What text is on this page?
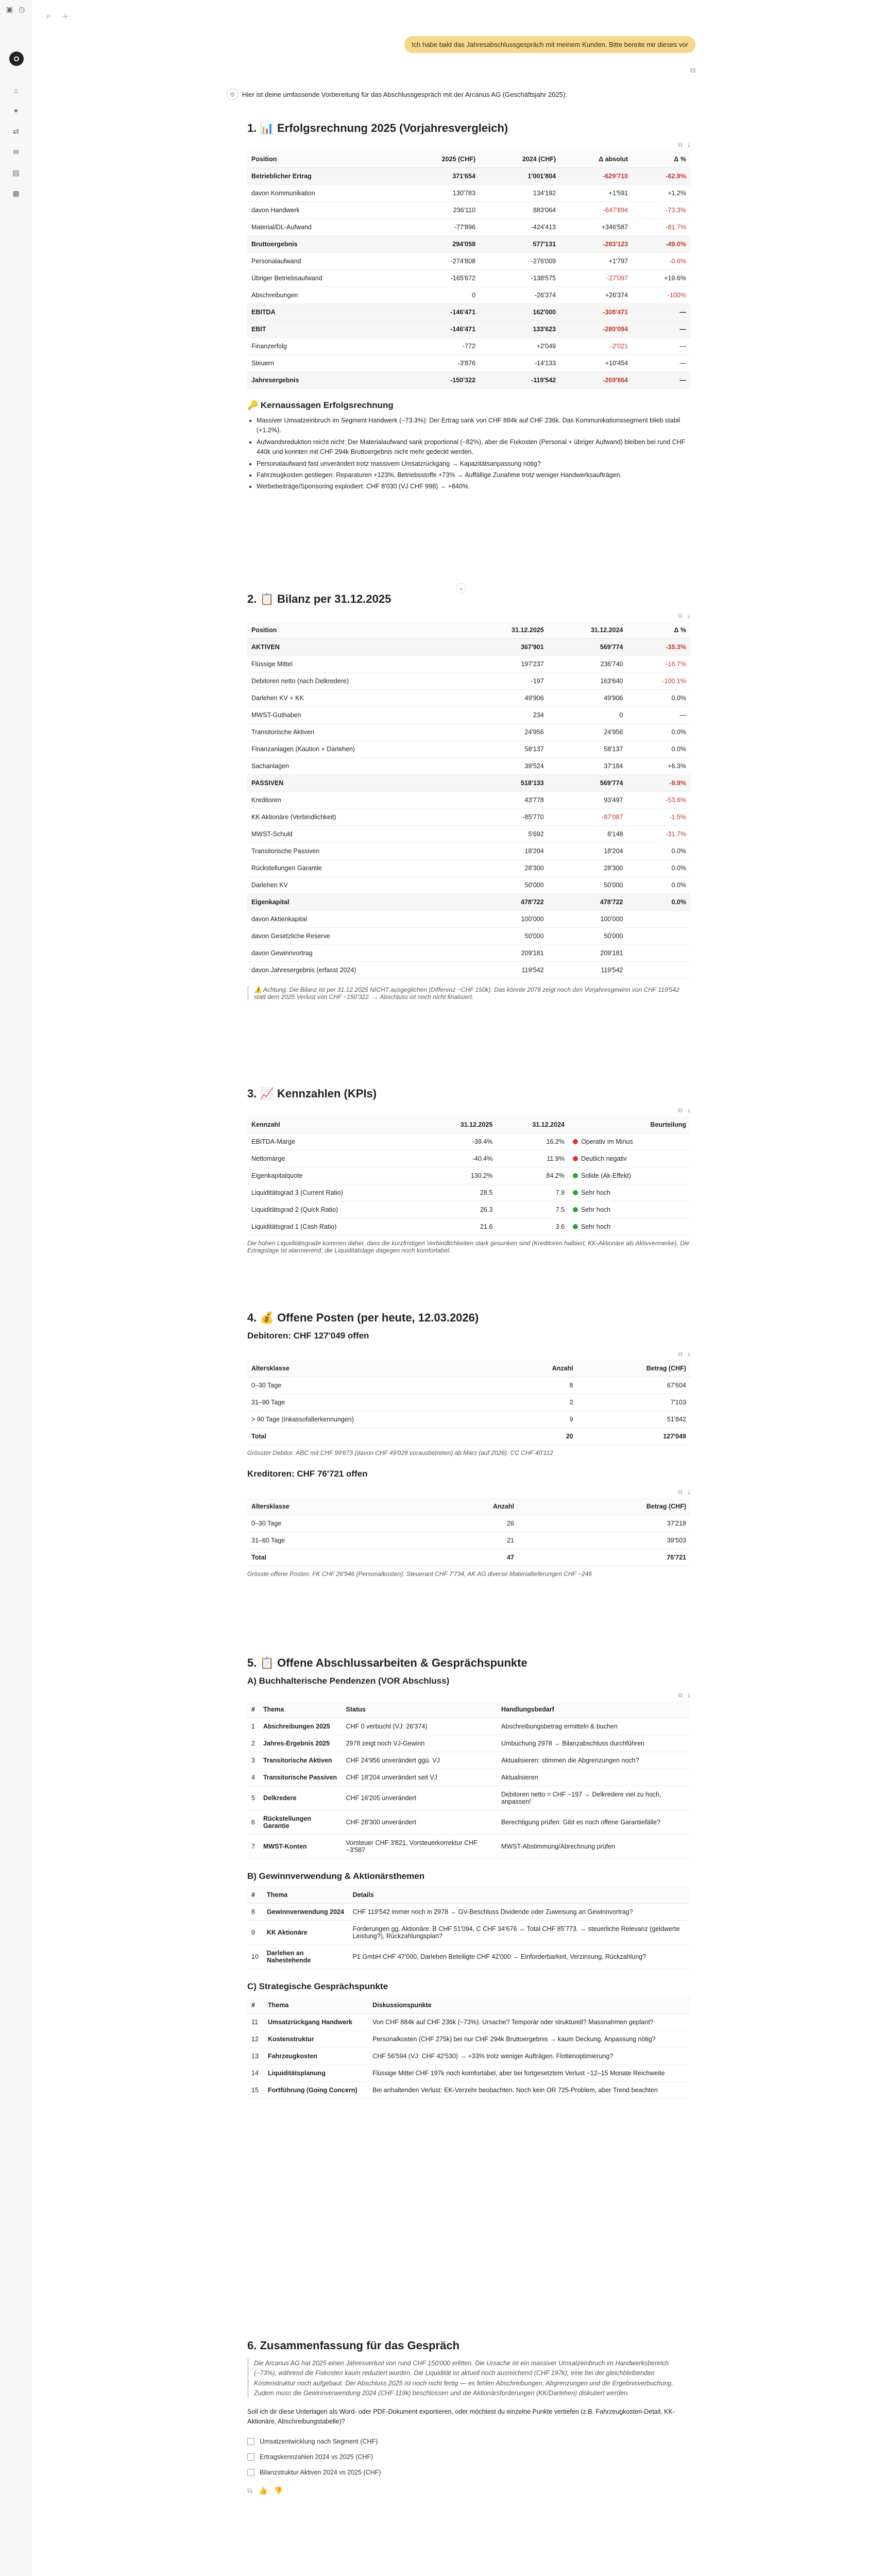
▣ ◷
O
⌂
✦
⇄
✉
▤
▦
＋
⌕
Ich habe bald das Jahresabschlussgespräch mit meinem Kunden. Bitte bereite mir dieses vor
⧉
◎	Hier ist deine umfassende Vorbereitung für das Abschlussgespräch mit der Arcanus AG (Geschäftsjahr 2025):
1. 📊 Erfolgsrechnung 2025 (Vorjahresvergleich)
⧉ ⤓
Position	2025 (CHF)	2024 (CHF)	Δ absolut	Δ %
Betrieblicher Ertrag	371'654	1'001'804	-629'710	-62.9%
davon Kommunikation	130'783	134'192	+1'591	+1.2%
davon Handwerk	236'110	883'064	-647'894	-73.3%
Material/DL-Aufwand	-77'896	-424'413	+346'587	-81.7%
Bruttoergebnis	294'058	577'131	-283'123	-49.0%
Personalaufwand	-274'808	-276'009	+1'797	-0.6%
Übriger Betriebsaufwand	-165'672	-138'575	-27'097	+19.6%
Abschreibungen	0	-26'374	+26'374	-100%
EBITDA	-146'471	162'000	-308'471	—
EBIT	-146'471	133'623	-280'094	—
Finanzerfolg	-772	+2'049	-2'021	—
Steuern	-3'876	-14'133	+10'454	—
Jahresergebnis	-150'322	-119'542	-269'864	—
🔑 Kernaussagen Erfolgsrechnung
• Massiver Umsatzeinbruch im Segment Handwerk (−73.3%): Der Ertrag sank von CHF 884k auf CHF 236k. Das Kommunikationssegment blieb stabil (+1.2%).
• Aufwandsreduktion reicht nicht: Der Materialaufwand sank proportional (−82%), aber die Fixkosten (Personal + übriger Aufwand) bleiben bei rund CHF 440k und konnten mit CHF 294k Bruttoergebnis nicht mehr gedeckt werden.
• Personalaufwand fast unverändert trotz massivem Umsatzrückgang → Kapazitätsanpassung nötig?
• Fahrzeugkosten gestiegen: Reparaturen +123%, Betriebsstoffe +73% → Auffällige Zunahme trotz weniger Handwerksaufträgen.
• Werbebeiträge/Sponsoring explodiert: CHF 8'030 (VJ CHF 998) → +840%.
⌄
2. 📋 Bilanz per 31.12.2025
⧉ ⤓
Position	31.12.2025	31.12.2024	Δ %
AKTIVEN	367'901	569'774	-35.3%
Flüssige Mittel	197'237	236'740	-16.7%
Debitoren netto (nach Delkredere)	-197	163'640	-100.1%
Darlehen KV + KK	49'906	49'906	0.0%
MWST-Guthaben	234	0	—
Transitorische Aktiven	24'956	24'956	0.0%
Finanzanlagen (Kaution + Darlehen)	58'137	58'137	0.0%
Sachanlagen	39'524	37'184	+6.3%
PASSIVEN	518'133	569'774	-9.9%
Kreditoren	43'778	93'497	-53.6%
KK Aktionäre (Verbindlichkeit)	-85'770	-87'087	-1.5%
MWST-Schuld	5'692	8'148	-31.7%
Transitorische Passiven	18'204	18'204	0.0%
Rückstellungen Garantie	28'300	28'300	0.0%
Darlehen KV	50'000	50'000	0.0%
Eigenkapital	478'722	478'722	0.0%
davon Aktienkapital	100'000	100'000	
davon Gesetzliche Reserve	50'000	50'000	
davon Gewinnvortrag	209'181	209'181	
davon Jahresergebnis (erfasst 2024)	119'542	119'542	
⚠️ Achtung: Die Bilanz ist per 31.12.2025 NICHT ausgeglichen (Differenz ~CHF 150k). Das könnte 2078 zeigt noch den Vorjahresgewinn von CHF 119'542 statt dem 2025 Verlust von CHF −150'322. → Abschluss ist noch nicht finalisiert.
3. 📈 Kennzahlen (KPIs)
⧉ ⤓
Kennzahl	31.12.2025	31.12.2024	Beurteilung
EBITDA-Marge	-39.4%	16.2%	Operativ im Minus
Nettomarge	-40.4%	11.9%	Deutlich negativ
Eigenkapitalquote	130.2%	84.2%	Solide (Ak-Effekt)
Liquiditätsgrad 3 (Current Ratio)	28.5	7.9	Sehr hoch
Liquiditätsgrad 2 (Quick Ratio)	26.3	7.5	Sehr hoch
Liquiditätsgrad 1 (Cash Ratio)	21.6	3.6	Sehr hoch
Die hohen Liquiditätsgrade kommen daher, dass die kurzfristigen Verbindlichkeiten stark gesunken sind (Kreditoren halbiert, KK-Aktionäre als Aktivvermerke). Die Ertragslage ist alarmierend, die Liquiditätslage dagegen noch komfortabel.
4. 💰 Offene Posten (per heute, 12.03.2026)
Debitoren: CHF 127'049 offen
⧉ ⤓
Altersklasse	Anzahl	Betrag (CHF)
0–30 Tage	8	67'604
31–90 Tage	2	7'103
> 90 Tage (Inkassofallerkennungen)	9	51'842
Total	20	127'049
Grösster Debitor: ABC mit CHF 99'673 (davon CHF 49'028 vorausbetreten) ab März (auf 2026). CC CHF 40'112
Kreditoren: CHF 76'721 offen
⧉ ⤓
Altersklasse	Anzahl	Betrag (CHF)
0–30 Tage	26	37'218
31–60 Tage	21	39'503
Total	47	76'721
Grösste offene Posten: FK CHF 26'946 (Personalkosten), Steuerant CHF 7'734, AK AG diverse Materiallieferungen CHF −246
5. 📋 Offene Abschlussarbeiten & Gesprächspunkte
A) Buchhalterische Pendenzen (VOR Abschluss)
⧉ ⤓
#	Thema	Status	Handlungsbedarf
1	Abschreibungen 2025	CHF 0 verbucht (VJ: 26'374)	Abschreibungsbetrag ermitteln & buchen
2	Jahres-Ergebnis 2025	2978 zeigt noch VJ-Gewinn	Umbuchung 2978 → Bilanzabschluss durchführen
3	Transitorische Aktiven	CHF 24'956 unverändert ggü. VJ	Aktualisieren: stimmen die Abgrenzungen noch?
4	Transitorische Passiven	CHF 18'204 unverändert seit VJ	Aktualisieren
5	Delkredere	CHF 16'205 unverändert	Debitoren netto = CHF −197 → Delkredere viel zu hoch, anpassen!
6	Rückstellungen Garantie	CHF 28'300 unverändert	Berechtigung prüfen: Gibt es noch offene Garantiefälle?
7	MWST-Konten	Vorsteuer CHF 3'821, Vorsteuerkorrektur CHF −3'587	MWST-Abstimmung/Abrechnung prüfen
B) Gewinnverwendung & Aktionärsthemen
#	Thema	Details
8	Gewinnverwendung 2024	CHF 119'542 immer noch in 2978 → GV-Beschluss Dividende oder Zuweisung an Gewinnvortrag?
9	KK Aktionäre	Forderungen gg. Aktionäre: B CHF 51'094, C CHF 34'676 → Total CHF 85'773. → steuerliche Relevanz (geldwerte Leistung?), Rückzahlungsplan?
10	Darlehen an Nahestehende	P1 GmbH CHF 47'000, Darlehen Beteiligte CHF 42'000 → Einforderbarkeit, Verzinsung, Rückzahlung?
C) Strategische Gesprächspunkte
#	Thema	Diskussionspunkte
11	Umsatzrückgang Handwerk	Von CHF 884k auf CHF 236k (−73%). Ursache? Temporär oder strukturell? Massnahmen geplant?
12	Kostenstruktur	Personalkosten (CHF 275k) bei nur CHF 294k Bruttoergebnis → kaum Deckung. Anpassung nötig?
13	Fahrzeugkosten	CHF 56'594 (VJ: CHF 42'530) → +33% trotz weniger Aufträgen. Flottenoptimierung?
14	Liquiditätsplanung	Flüssige Mittel CHF 197k noch komfortabel, aber bei fortgesetztem Verlust ~12–15 Monate Reichweite
15	Fortführung (Going Concern)	Bei anhaltenden Verlust: EK-Verzehr beobachten. Noch kein OR 725-Problem, aber Trend beachten
6. Zusammenfassung für das Gespräch
Die Arcanus AG hat 2025 einen Jahresverlust von rund CHF 150'000 erlitten. Die Ursache ist ein massiver Umsatzeinbruch im Handwerksbereich (−73%), während die Fixkosten kaum reduziert wurden. Die Liquidität ist aktuell noch ausreichend (CHF 197k), eine bei der gleichbleibenden Kostenstruktur noch aufgebaut. Der Abschluss 2025 ist noch nicht fertig — es fehlen Abschreibungen, Abgrenzungen und die Ergebnisverbuchung. Zudem muss die Gewinnverwendung 2024 (CHF 119k) beschlossen und die Aktionärsforderungen (KK/Darlehen) diskutiert werden.
Soll ich dir diese Unterlagen als Word- oder PDF-Dokument exportieren, oder möchtest du einzelne Punkte vertiefen (z.B. Fahrzeugkosten-Detail, KK-Aktionäre, Abschreibungstabelle)?
Umsatzentwicklung nach Segment (CHF)
Ertragskennzahlen 2024 vs 2025 (CHF)
Bilanzstruktur Aktiven 2024 vs 2025 (CHF)
⧉ 👍 👎
